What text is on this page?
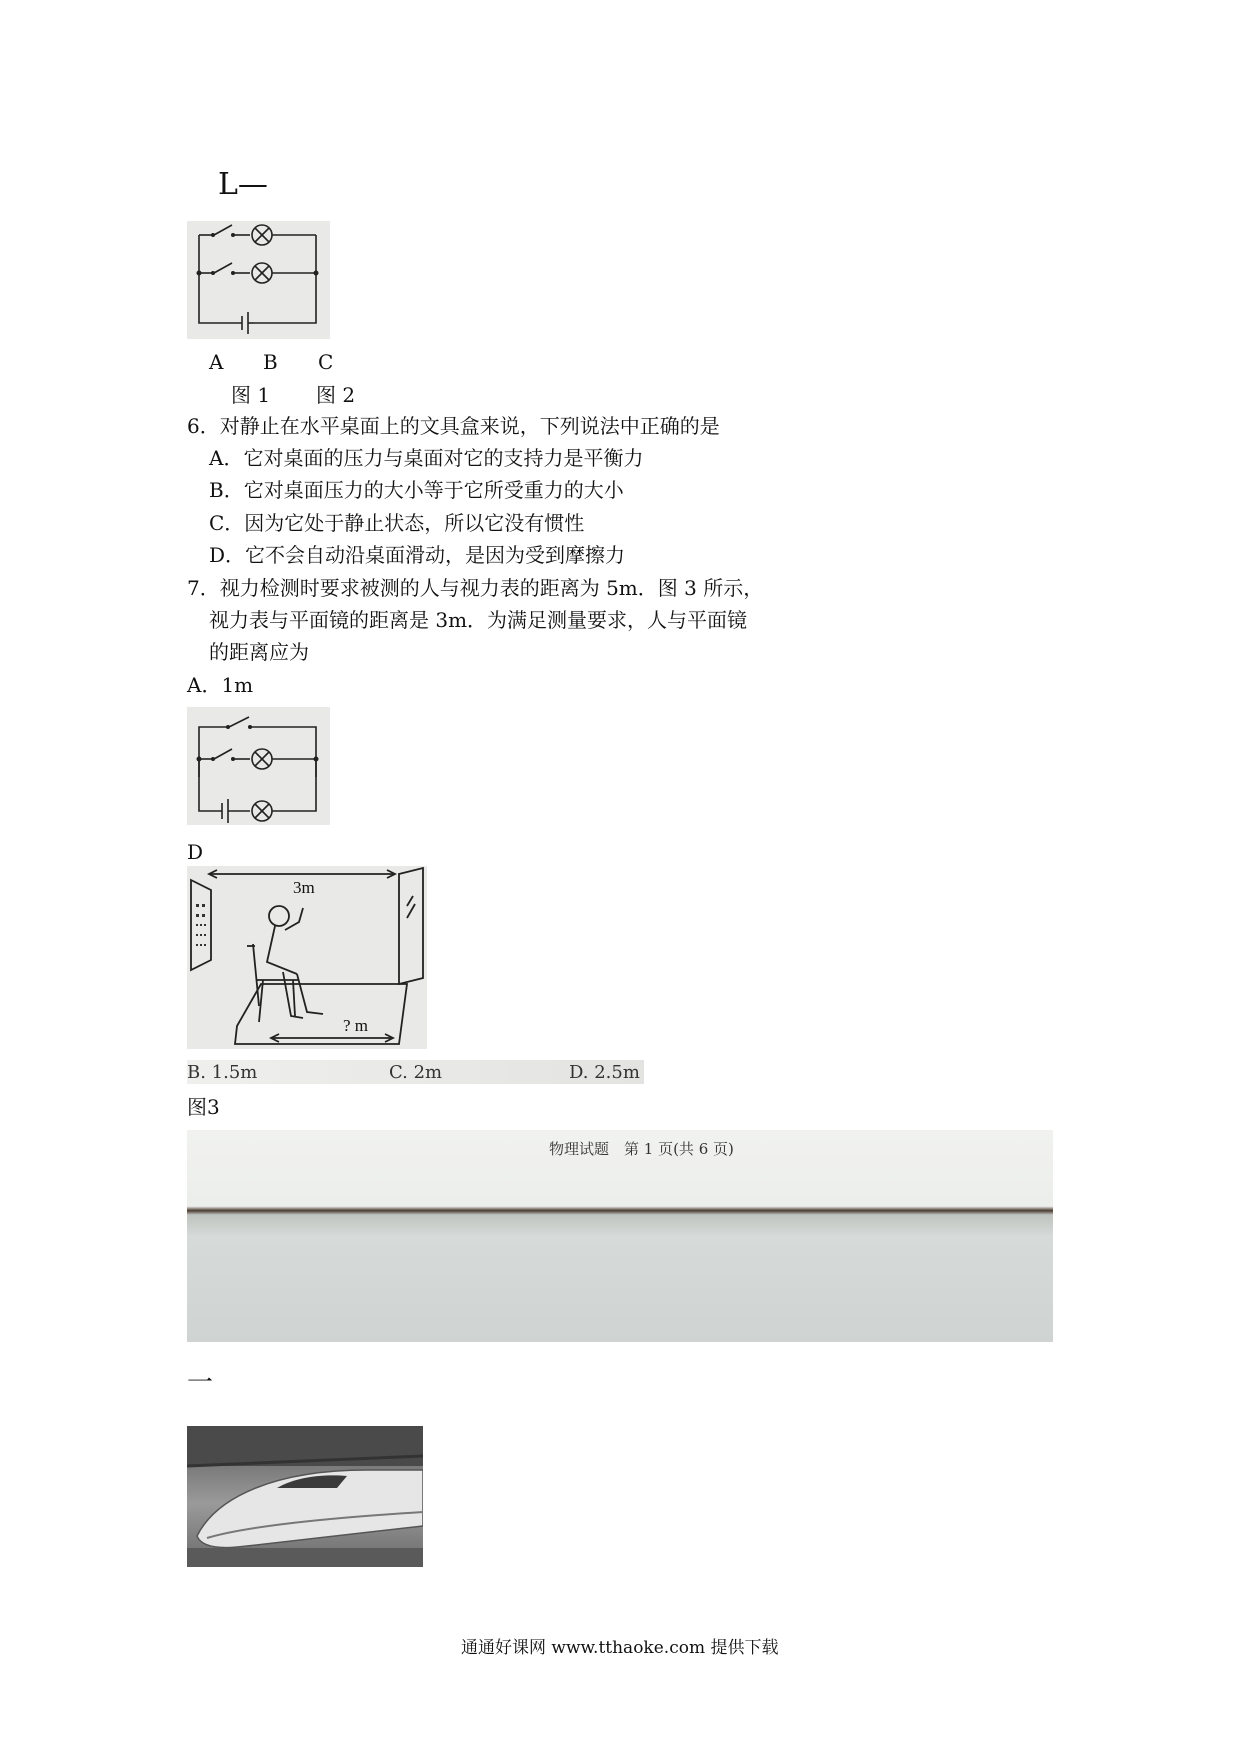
L—
A B C
图 1 图 2
6．对静止在水平桌面上的文具盒来说，下列说法中正确的是
A．它对桌面的压力与桌面对它的支持力是平衡力
B．它对桌面压力的大小等于它所受重力的大小
C．因为它处于静止状态，所以它没有惯性
D．它不会自动沿桌面滑动，是因为受到摩擦力
7．视力检测时要求被测的人与视力表的距离为 5m．图 3 所示，
视力表与平面镜的距离是 3m．为满足测量要求，人与平面镜
的距离应为
A．1m
D
3m
? m
B. 1.5m	C. 2m	D. 2.5m
图3
物理试题　第 1 页(共 6 页)
一
通通好课网 www.tthaoke.com 提供下载
